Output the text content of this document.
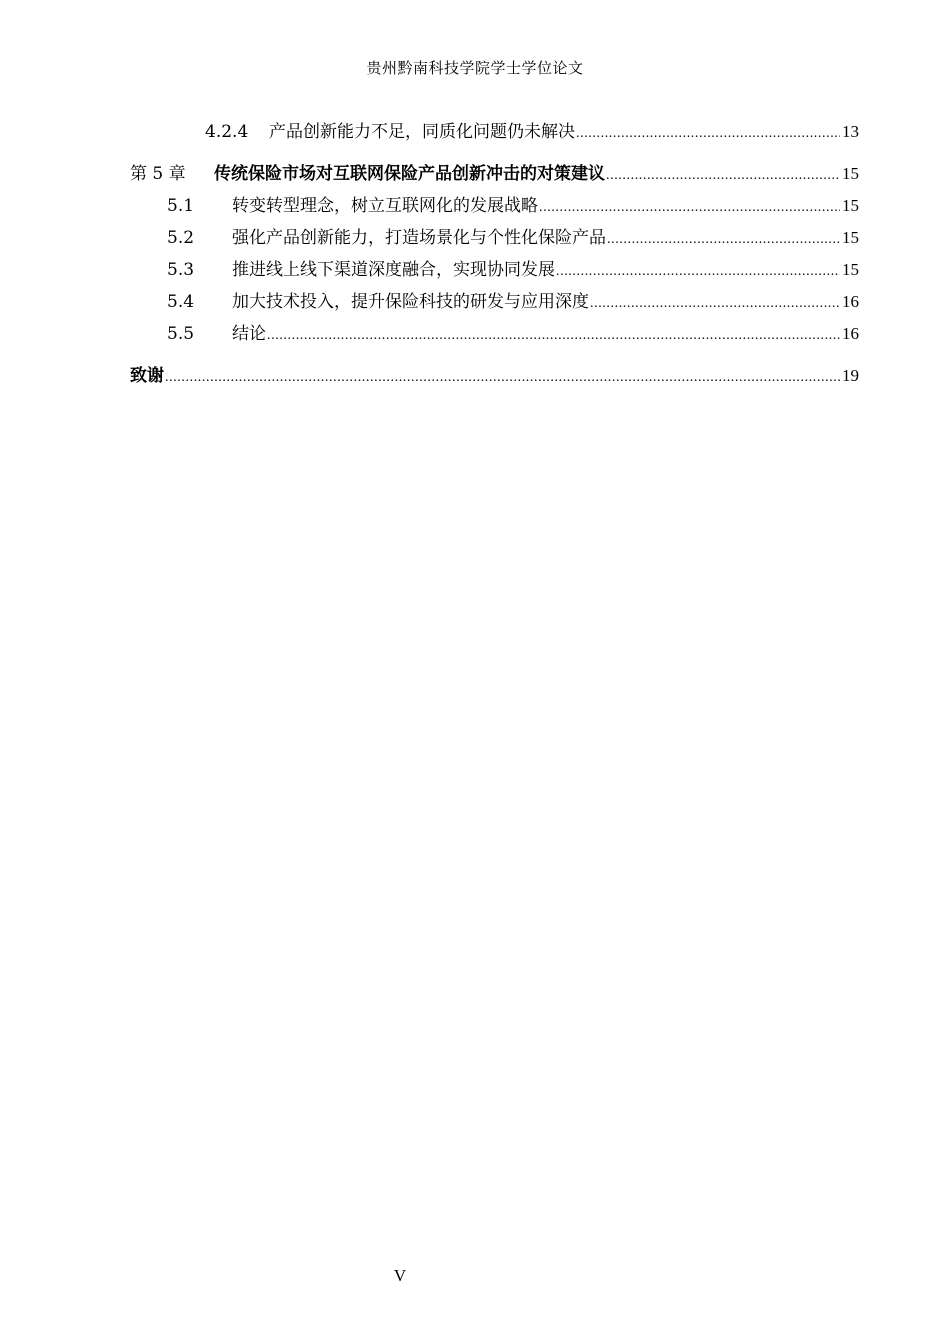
贵州黔南科技学院学士学位论文
4.2.4	产品创新能力不足，同质化问题仍未解决 .....	13
第 5 章	传统保险市场对互联网保险产品创新冲击的对策建议 .....	15
5.1	转变转型理念，树立互联网化的发展战略 .....	15
5.2	强化产品创新能力，打造场景化与个性化保险产品 .....	15
5.3	推进线上线下渠道深度融合，实现协同发展 .....	15
5.4	加大技术投入，提升保险科技的研发与应用深度 .....	16
5.5	结论 .....	16
致谢 .....	19
V
